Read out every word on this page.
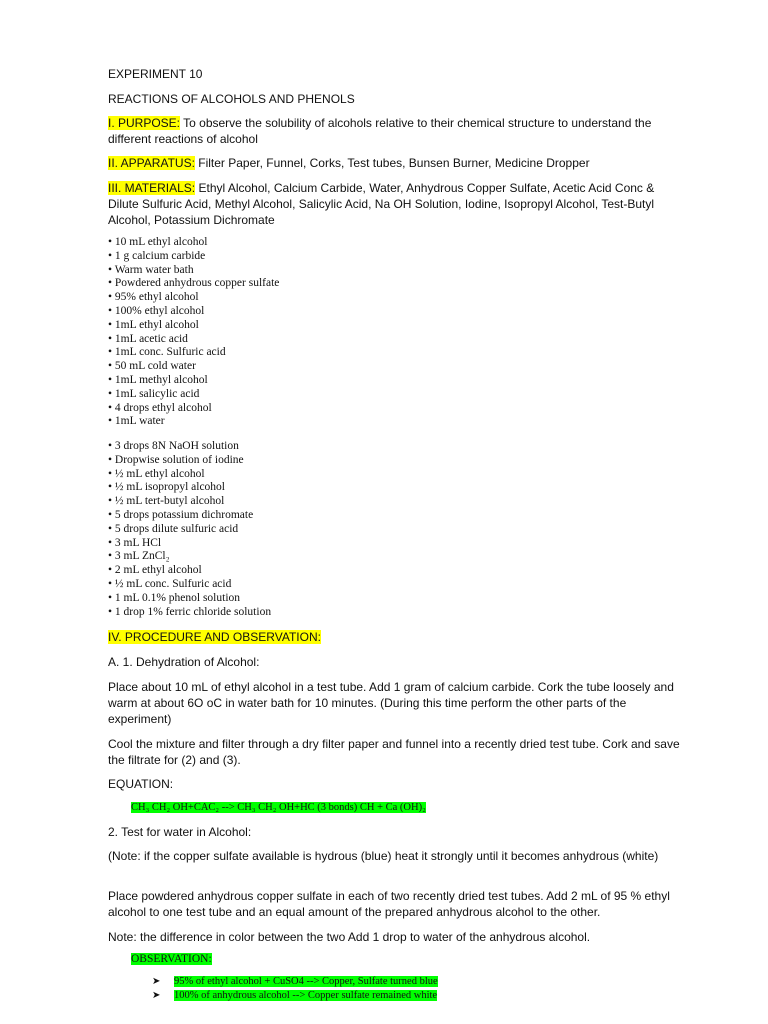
EXPERIMENT 10
REACTIONS OF ALCOHOLS AND PHENOLS
I. PURPOSE: To observe the solubility of alcohols relative to their chemical structure to understand the different reactions of alcohol
II. APPARATUS: Filter Paper, Funnel, Corks, Test tubes, Bunsen Burner, Medicine Dropper
III. MATERIALS: Ethyl Alcohol, Calcium Carbide, Water, Anhydrous Copper Sulfate, Acetic Acid Conc & Dilute Sulfuric Acid, Methyl Alcohol, Salicylic Acid, Na OH Solution, Iodine, Isopropyl Alcohol, Test-Butyl Alcohol, Potassium Dichromate
• 10 mL ethyl alcohol
• 1 g calcium carbide
• Warm water bath
• Powdered anhydrous copper sulfate
• 95% ethyl alcohol
• 100% ethyl alcohol
• 1mL ethyl alcohol
• 1mL acetic acid
• 1mL conc. Sulfuric acid
• 50 mL cold water
• 1mL methyl alcohol
• 1mL salicylic acid
• 4 drops ethyl alcohol
• 1mL water
• 3 drops 8N NaOH solution
• Dropwise solution of iodine
• ½ mL ethyl alcohol
• ½ mL isopropyl alcohol
• ½ mL tert-butyl alcohol
• 5 drops potassium dichromate
• 5 drops dilute sulfuric acid
• 3 mL HCl
• 3 mL ZnCl₂
• 2 mL ethyl alcohol
• ½ mL conc. Sulfuric acid
• 1 mL 0.1% phenol solution
• 1 drop 1% ferric chloride solution
IV. PROCEDURE AND OBSERVATION:
A. 1. Dehydration of Alcohol:
Place about 10 mL of ethyl alcohol in a test tube. Add 1 gram of calcium carbide. Cork the tube loosely and warm at about 6O oC in water bath for 10 minutes. (During this time perform the other parts of the experiment)
Cool the mixture and filter through a dry filter paper and funnel into a recently dried test tube. Cork and save the filtrate for (2) and (3).
EQUATION:
CH₃ CH₂ OH+CAC₂ --> CH₃ CH₂ OH+HC (3 bonds) CH + Ca (OH)₂
2. Test for water in Alcohol:
(Note: if the copper sulfate available is hydrous (blue) heat it strongly until it becomes anhydrous (white)
Place powdered anhydrous copper sulfate in each of two recently dried test tubes. Add 2 mL of 95 % ethyl alcohol to one test tube and an equal amount of the prepared anhydrous alcohol to the other.
Note: the difference in color between the two Add 1 drop to water of the anhydrous alcohol.
OBSERVATION:
➤ 95% of ethyl alcohol + CuSO4 --> Copper, Sulfate turned blue
➤ 100% of anhydrous alcohol --> Copper sulfate remained white
